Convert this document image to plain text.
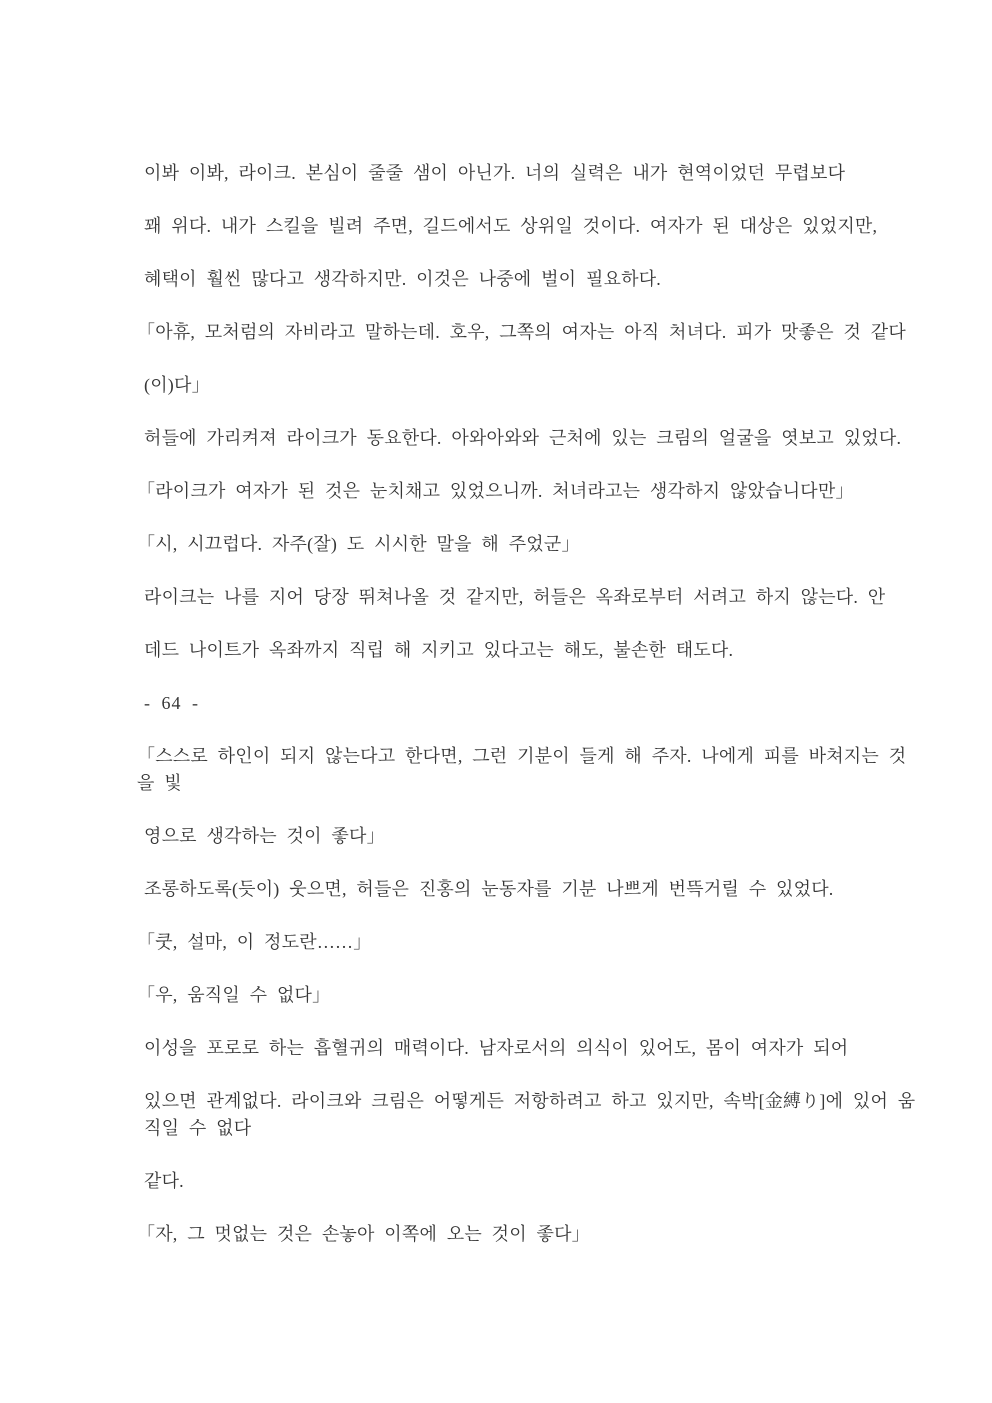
이봐 이봐, 라이크. 본심이 줄줄 샘이 아닌가. 너의 실력은 내가 현역이었던 무렵보다
꽤 위다. 내가 스킬을 빌려 주면, 길드에서도 상위일 것이다. 여자가 된 대상은 있었지만,
혜택이 훨씬 많다고 생각하지만. 이것은 나중에 벌이 필요하다.
「아휴, 모처럼의 자비라고 말하는데. 호우, 그쪽의 여자는 아직 처녀다. 피가 맛좋은 것 같다
(이)다」
허들에 가리켜져 라이크가 동요한다. 아와아와와 근처에 있는 크림의 얼굴을 엿보고 있었다.
「라이크가 여자가 된 것은 눈치채고 있었으니까. 처녀라고는 생각하지 않았습니다만」
「시, 시끄럽다. 자주(잘) 도 시시한 말을 해 주었군」
라이크는 나를 지어 당장 뛰쳐나올 것 같지만, 허들은 옥좌로부터 서려고 하지 않는다. 안
데드 나이트가 옥좌까지 직립 해 지키고 있다고는 해도, 불손한 태도다.
- 64 -
「스스로 하인이 되지 않는다고 한다면, 그런 기분이 들게 해 주자. 나에게 피를 바쳐지는 것
을 빛
영으로 생각하는 것이 좋다」
조롱하도록(듯이) 웃으면, 허들은 진홍의 눈동자를 기분 나쁘게 번뜩거릴 수 있었다.
「쿳, 설마, 이 정도란……」
「우, 움직일 수 없다」
이성을 포로로 하는 흡혈귀의 매력이다. 남자로서의 의식이 있어도, 몸이 여자가 되어
있으면 관계없다. 라이크와 크림은 어떻게든 저항하려고 하고 있지만, 속박[金縛り]에 있어 움
직일 수 없다
같다.
「자, 그 멋없는 것은 손놓아 이쪽에 오는 것이 좋다」
